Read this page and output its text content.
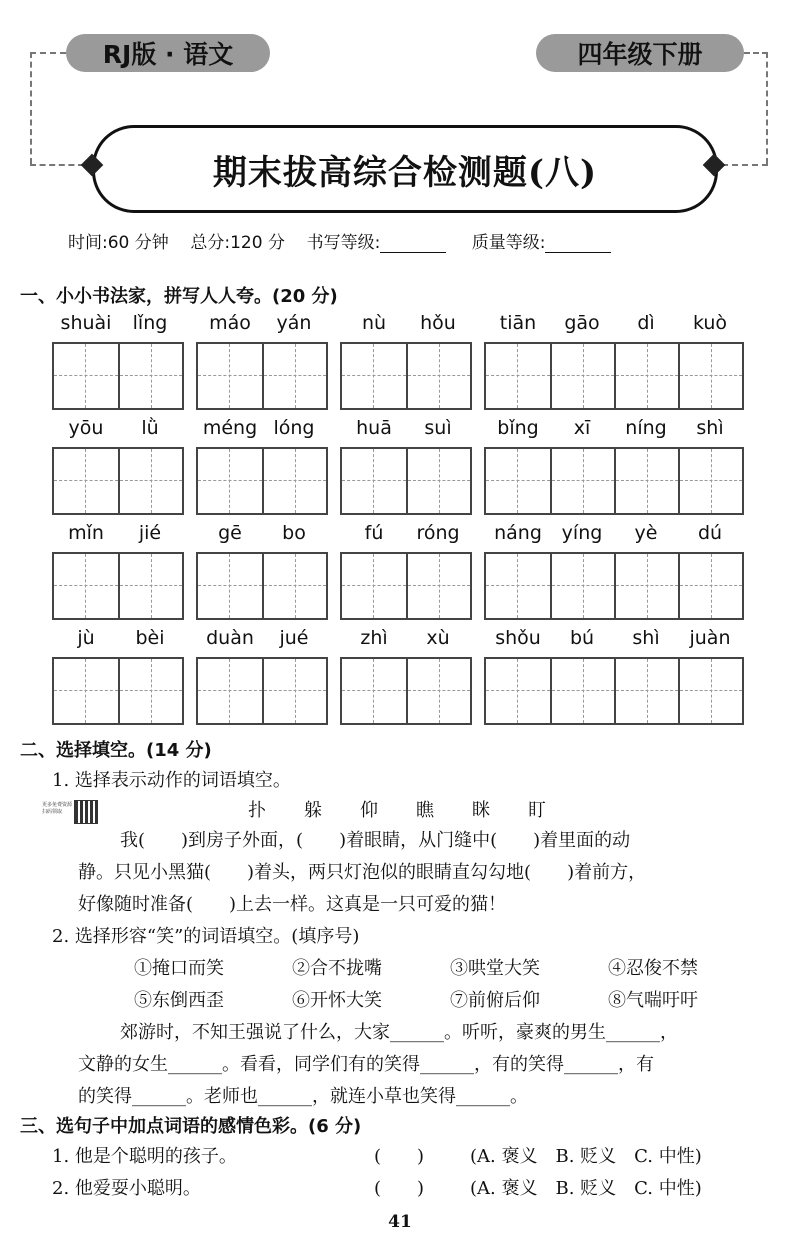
RJ版 · 语文	四年级下册
期末拔高综合检测题(八)
时间:60 分钟 总分:120 分 书写等级:	质量等级:
一、小小书法家，拼写人人夸。(20 分)
shuài	lǐng	máo	yán	nù	hǒu	tiān	gāo	dì	kuò
yōu	lǜ	méng lóng	huā	suì	bǐng	xī	níng	shì
mǐn	jié	gē	bo	fú	róng	náng	yíng	yè	dú
jù	bèi	duàn	jué	zhì	xù	shǒu	bú	shì	juàn
二、选择填空。(14 分)
1. 选择表示动作的词语填空。
扑 躲 仰 瞧 眯 盯
更多免费资源 扫码领取
我(　　)到房子外面，(　　)着眼睛，从门缝中(　　)着里面的动
静。只见小黑猫(　　)着头，两只灯泡似的眼睛直勾勾地(　　)着前方，
好像随时准备(　　)上去一样。这真是一只可爱的猫！
2. 选择形容“笑”的词语填空。(填序号)
①掩口而笑	②合不拢嘴	③哄堂大笑	④忍俊不禁
⑤东倒西歪	⑥开怀大笑	⑦前俯后仰	⑧气喘吁吁
郊游时，不知王强说了什么，大家______。听听，豪爽的男生______，
文静的女生______。看看，同学们有的笑得______，有的笑得______，有
的笑得______。老师也______，就连小草也笑得______。
三、选句子中加点词语的感情色彩。(6 分)
1. 他是个聪明的孩子。	(　　)	(A. 褒义　B. 贬义　C. 中性)
2. 他爱耍小聪明。	(　　)	(A. 褒义　B. 贬义　C. 中性)
41
